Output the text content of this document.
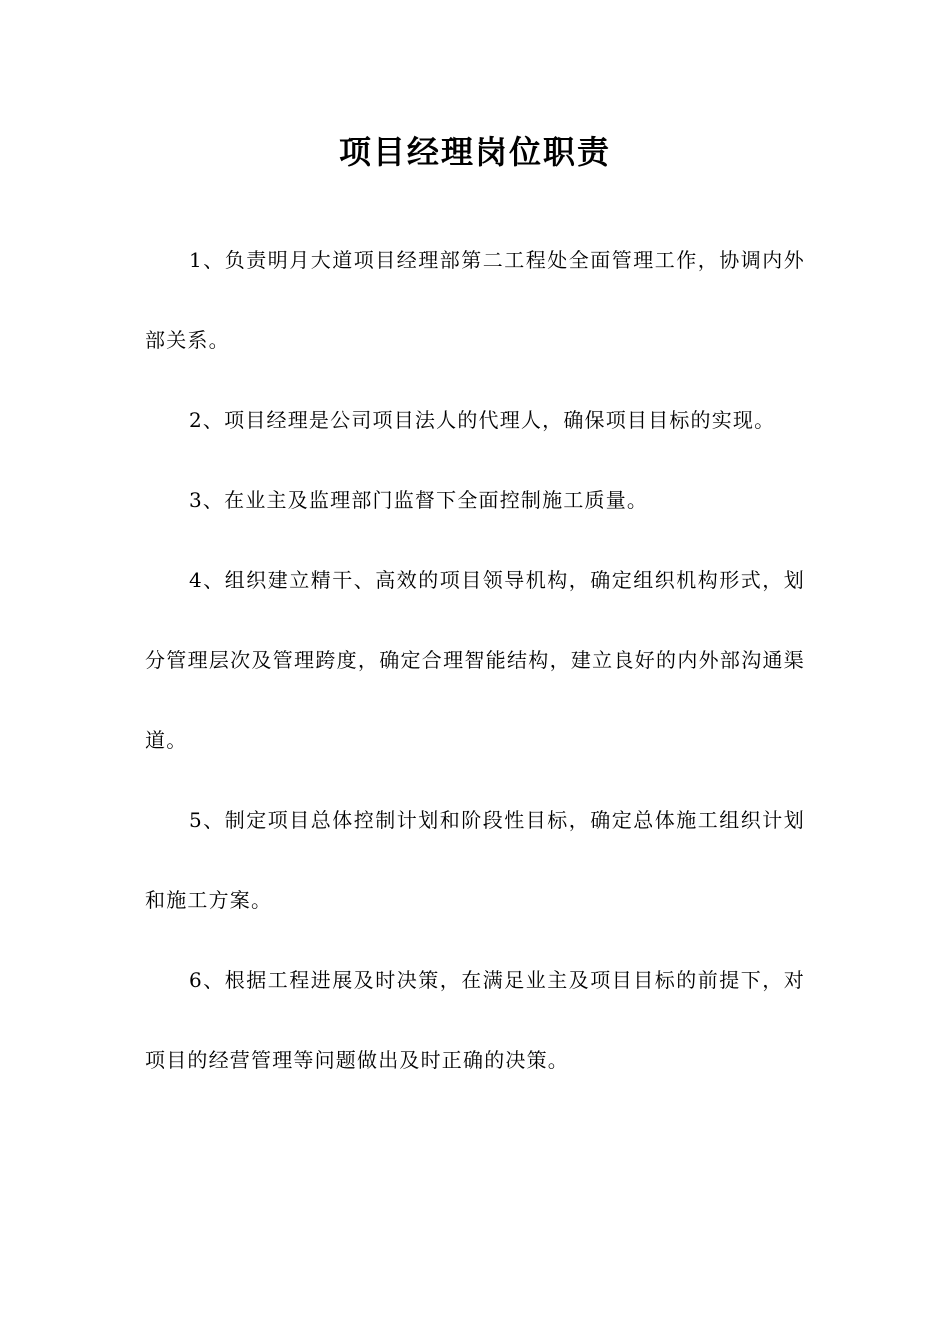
项目经理岗位职责

1、负责明月大道项目经理部第二工程处全面管理工作，协调内外部关系。

2、项目经理是公司项目法人的代理人，确保项目目标的实现。

3、在业主及监理部门监督下全面控制施工质量。

4、组织建立精干、高效的项目领导机构，确定组织机构形式，划分管理层次及管理跨度，确定合理智能结构，建立良好的内外部沟通渠道。

5、制定项目总体控制计划和阶段性目标，确定总体施工组织计划和施工方案。

6、根据工程进展及时决策，在满足业主及项目目标的前提下，对项目的经营管理等问题做出及时正确的决策。
